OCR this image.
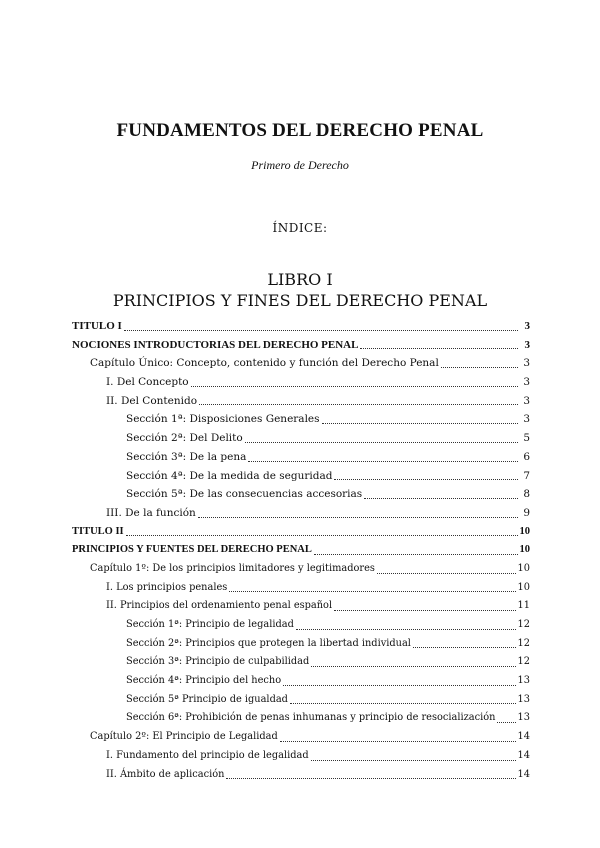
FUNDAMENTOS DEL DERECHO PENAL
Primero de Derecho
ÍNDICE:
LIBRO I
PRINCIPIOS Y FINES DEL DERECHO PENAL
TITULO I	3
NOCIONES INTRODUCTORIAS DEL DERECHO PENAL	3
Capítulo Único: Concepto, contenido y función del Derecho Penal	3
I. Del Concepto	3
II. Del Contenido	3
Sección 1ª: Disposiciones Generales	3
Sección 2ª: Del Delito	5
Sección 3ª: De la pena	6
Sección 4ª: De la medida de seguridad	7
Sección 5ª: De las consecuencias accesorias	8
III. De la función	9
TITULO II	10
PRINCIPIOS Y FUENTES DEL DERECHO PENAL	10
Capítulo 1º: De los principios limitadores y legitimadores	10
I. Los principios penales	10
II. Principios del ordenamiento penal español	11
Sección 1ª: Principio de legalidad	12
Sección 2ª: Principios que protegen la libertad individual	12
Sección 3ª: Principio de culpabilidad	12
Sección 4ª: Principio del hecho	13
Sección 5ª Principio de igualdad	13
Sección 6ª: Prohibición de penas inhumanas y principio de resocialización 13
Capítulo 2º: El Principio de Legalidad	14
I. Fundamento del principio de legalidad	14
II. Ámbito de aplicación	14
